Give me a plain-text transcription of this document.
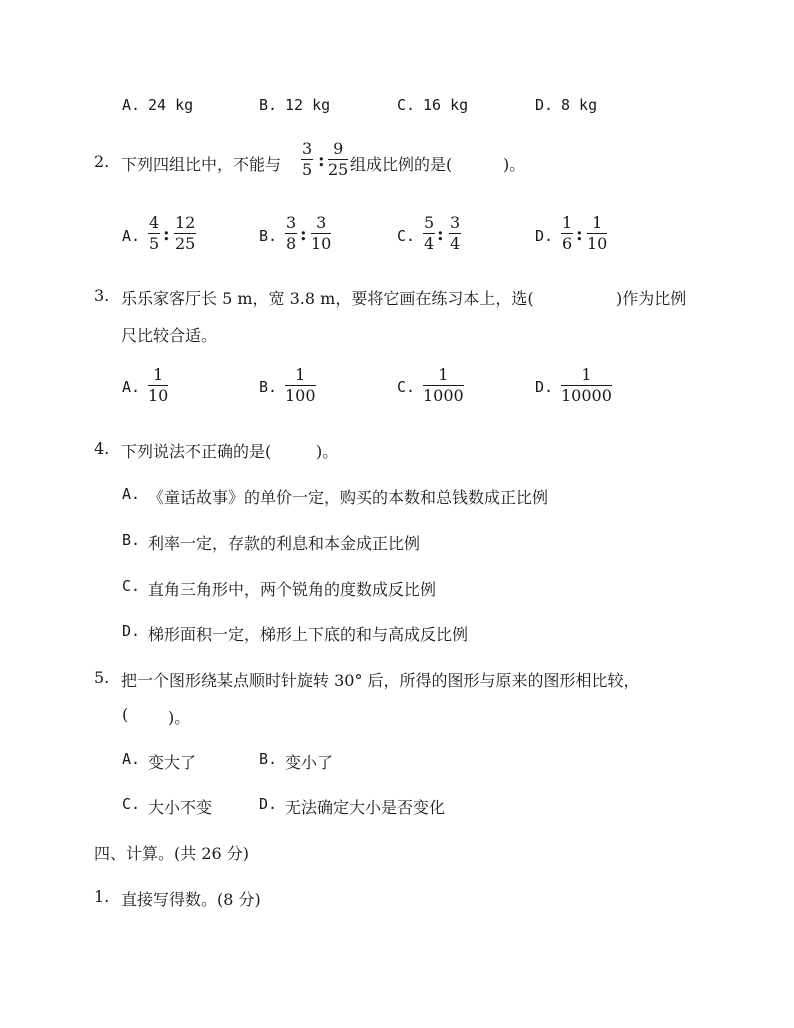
A. 24 kg	B. 12 kg	C. 16 kg	D. 8 kg
2. 下列四组比中，不能与
3
5 :
9
25 组成比例的是(	)。
A.
4
5 :
12
25	B.
3
8 :
3
10	C.
5
4 :
3
4	D.
1
6 :
1
10
3. 乐乐家客厅长 5 m，宽 3.8 m，要将它画在练习本上，选(	)作为比例
尺比较合适。
A.
1
10	B.
1
100	C.
1
1000	D.
1
10000
4. 下列说法不正确的是(	)。
A. 《童话故事》的单价一定，购买的本数和总钱数成正比例
B. 利率一定，存款的利息和本金成正比例
C. 直角三角形中，两个锐角的度数成反比例
D. 梯形面积一定，梯形上下底的和与高成反比例
5. 把一个图形绕某点顺时针旋转 30° 后，所得的图形与原来的图形相比较，
( )。
A. 变大了	B. 变小了
C. 大小不变	D. 无法确定大小是否变化
四、计算。(共 26 分)
1. 直接写得数。(8 分)
